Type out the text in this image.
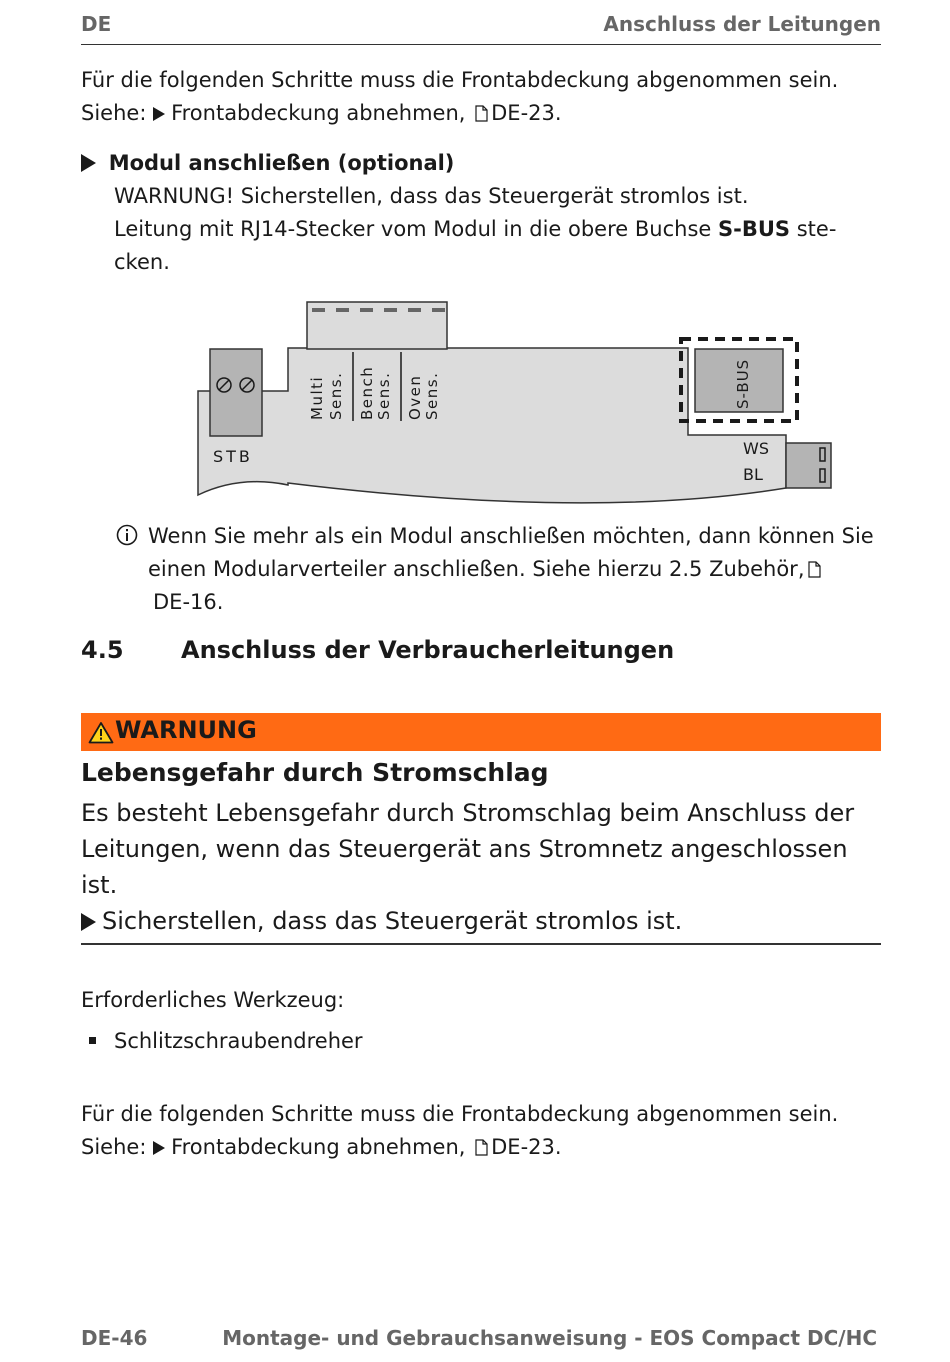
DE	Anschluss der Leitungen
Für die folgenden Schritte muss die Frontabdeckung abgenommen sein.
Siehe: Frontabdeckung abnehmen, DE-23.
Modul anschließen (optional)
WARNUNG! Sicherstellen, dass das Steuergerät stromlos ist.
Leitung mit RJ14-Stecker vom Modul in die obere Buchse S-BUS ste-
cken.
STB
Multi Sens. Bench Sens. Oven Sens.	S-BUS
WS
BL
Wenn Sie mehr als ein Modul anschließen möchten, dann können Sie
einen Modularverteiler anschließen. Siehe hierzu 2.5 Zubehör,
DE-16.
4.5 Anschluss der Verbraucherleitungen
WARNUNG
Lebensgefahr durch Stromschlag
Es besteht Lebensgefahr durch Stromschlag beim Anschluss der
Leitungen, wenn das Steuergerät ans Stromnetz angeschlossen
ist.
Sicherstellen, dass das Steuergerät stromlos ist.
Erforderliches Werkzeug:
Schlitzschraubendreher
Für die folgenden Schritte muss die Frontabdeckung abgenommen sein.
Siehe: Frontabdeckung abnehmen, DE-23.
DE-46	Montage- und Gebrauchsanweisung - EOS Compact DC/HC
